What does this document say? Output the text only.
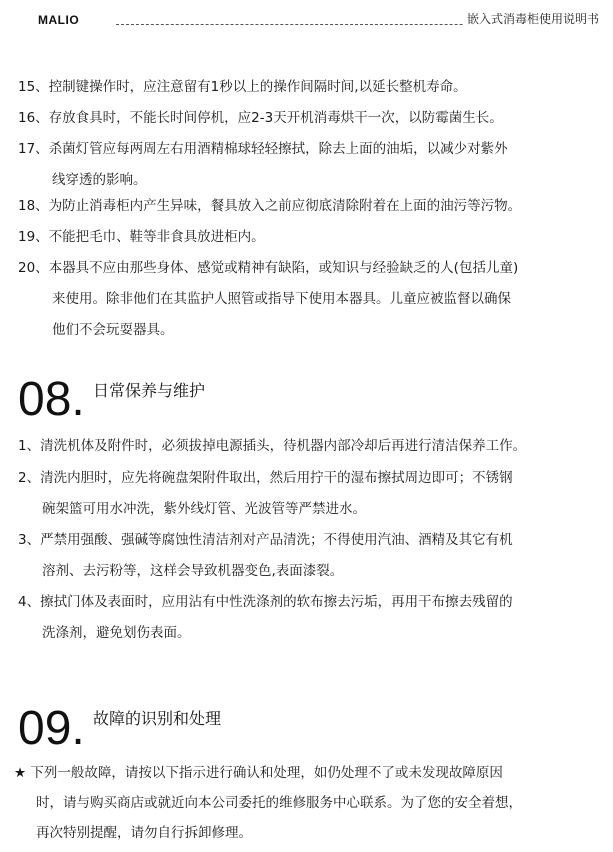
MALIO	嵌入式消毒柜使用说明书
15、控制键操作时，应注意留有1秒以上的操作间隔时间,以延长整机寿命。
16、存放食具时，不能长时间停机，应2-3天开机消毒烘干一次，以防霉菌生长。
17、杀菌灯管应每两周左右用酒精棉球轻轻擦拭，除去上面的油垢，以减少对紫外
线穿透的影响。
18、为防止消毒柜内产生异味，餐具放入之前应彻底清除附着在上面的油污等污物。
19、不能把毛巾、鞋等非食具放进柜内。
20、本器具不应由那些身体、感觉或精神有缺陷，或知识与经验缺乏的人(包括儿童)
来使用。除非他们在其监护人照管或指导下使用本器具。儿童应被监督以确保
他们不会玩耍器具。
08. 日常保养与维护
1、清洗机体及附件时，必须拔掉电源插头，待机器内部冷却后再进行清洁保养工作。
2、清洗内胆时，应先将碗盘架附件取出，然后用拧干的湿布擦拭周边即可；不锈钢
碗架篮可用水冲洗，紫外线灯管、光波管等严禁进水。
3、严禁用强酸、强碱等腐蚀性清洁剂对产品清洗；不得使用汽油、酒精及其它有机
溶剂、去污粉等，这样会导致机器变色,表面漆裂。
4、擦拭门体及表面时，应用沾有中性洗涤剂的软布擦去污垢，再用干布擦去残留的
洗涤剂，避免划伤表面。
09. 故障的识别和处理
★ 下列一般故障，请按以下指示进行确认和处理，如仍处理不了或未发现故障原因
时，请与购买商店或就近向本公司委托的维修服务中心联系。为了您的安全着想，
再次特别提醒，请勿自行拆卸修理。
